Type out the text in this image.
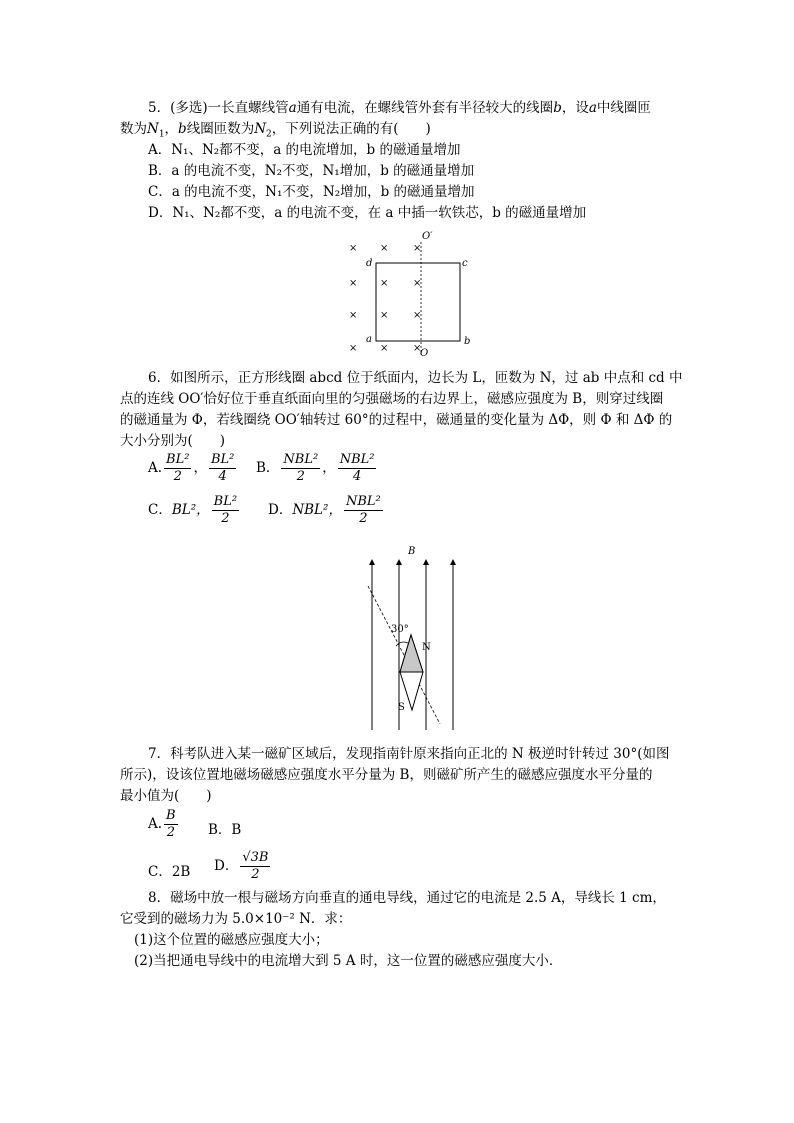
5．(多选)一长直螺线管a通有电流，在螺线管外套有半径较大的线圈b，设a中线圈匝
数为$N_1$，b线圈匝数为$N_2$，下列说法正确的有(　　)
A．N₁、N₂都不变，a 的电流增加，b 的磁通量增加
B．a 的电流不变，N₂不变，N₁增加，b 的磁通量增加
C．a 的电流不变，N₁不变，N₂增加，b 的磁通量增加
D．N₁、N₂都不变，a 的电流不变，在 a 中插一软铁芯，b 的磁通量增加
× × ×
× × ×
× × ×
× × ×
O′
O
d	c
a	b
6．如图所示，正方形线圈 abcd 位于纸面内，边长为 L，匝数为 N，过 ab 中点和 cd 中
点的连线 OO′恰好位于垂直纸面向里的匀强磁场的右边界上，磁感应强度为 B，则穿过线圈
的磁通量为 Φ，若线圈绕 OO′轴转过 60°的过程中，磁通量的变化量为 ΔΦ，则 Φ 和 ΔΦ 的
大小分别为(　　)
A. $\frac{\text{BL²}}{2}$ ， $\frac{\text{BL²}}{4}$ B． $\frac{\text{NBL²}}{2}$ ， $\frac{\text{NBL²}}{4}$
C．BL²， $\frac{\text{BL²}}{2}$ D．NBL²， $\frac{\text{NBL²}}{2}$
B
30°
N
S
7．科考队进入某一磁矿区域后，发现指南针原来指向正北的 N 极逆时针转过 30°(如图
所示)，设该位置地磁场磁感应强度水平分量为 B，则磁矿所产生的磁感应强度水平分量的
最小值为(　　)
A. $\frac{B}{2}$ B．B
C．2B D． $\frac{√3B}{2}$
8．磁场中放一根与磁场方向垂直的通电导线，通过它的电流是 2.5 A，导线长 1 cm，
它受到的磁场力为 5.0×10⁻² N．求：
(1)这个位置的磁感应强度大小；
(2)当把通电导线中的电流增大到 5 A 时，这一位置的磁感应强度大小．
